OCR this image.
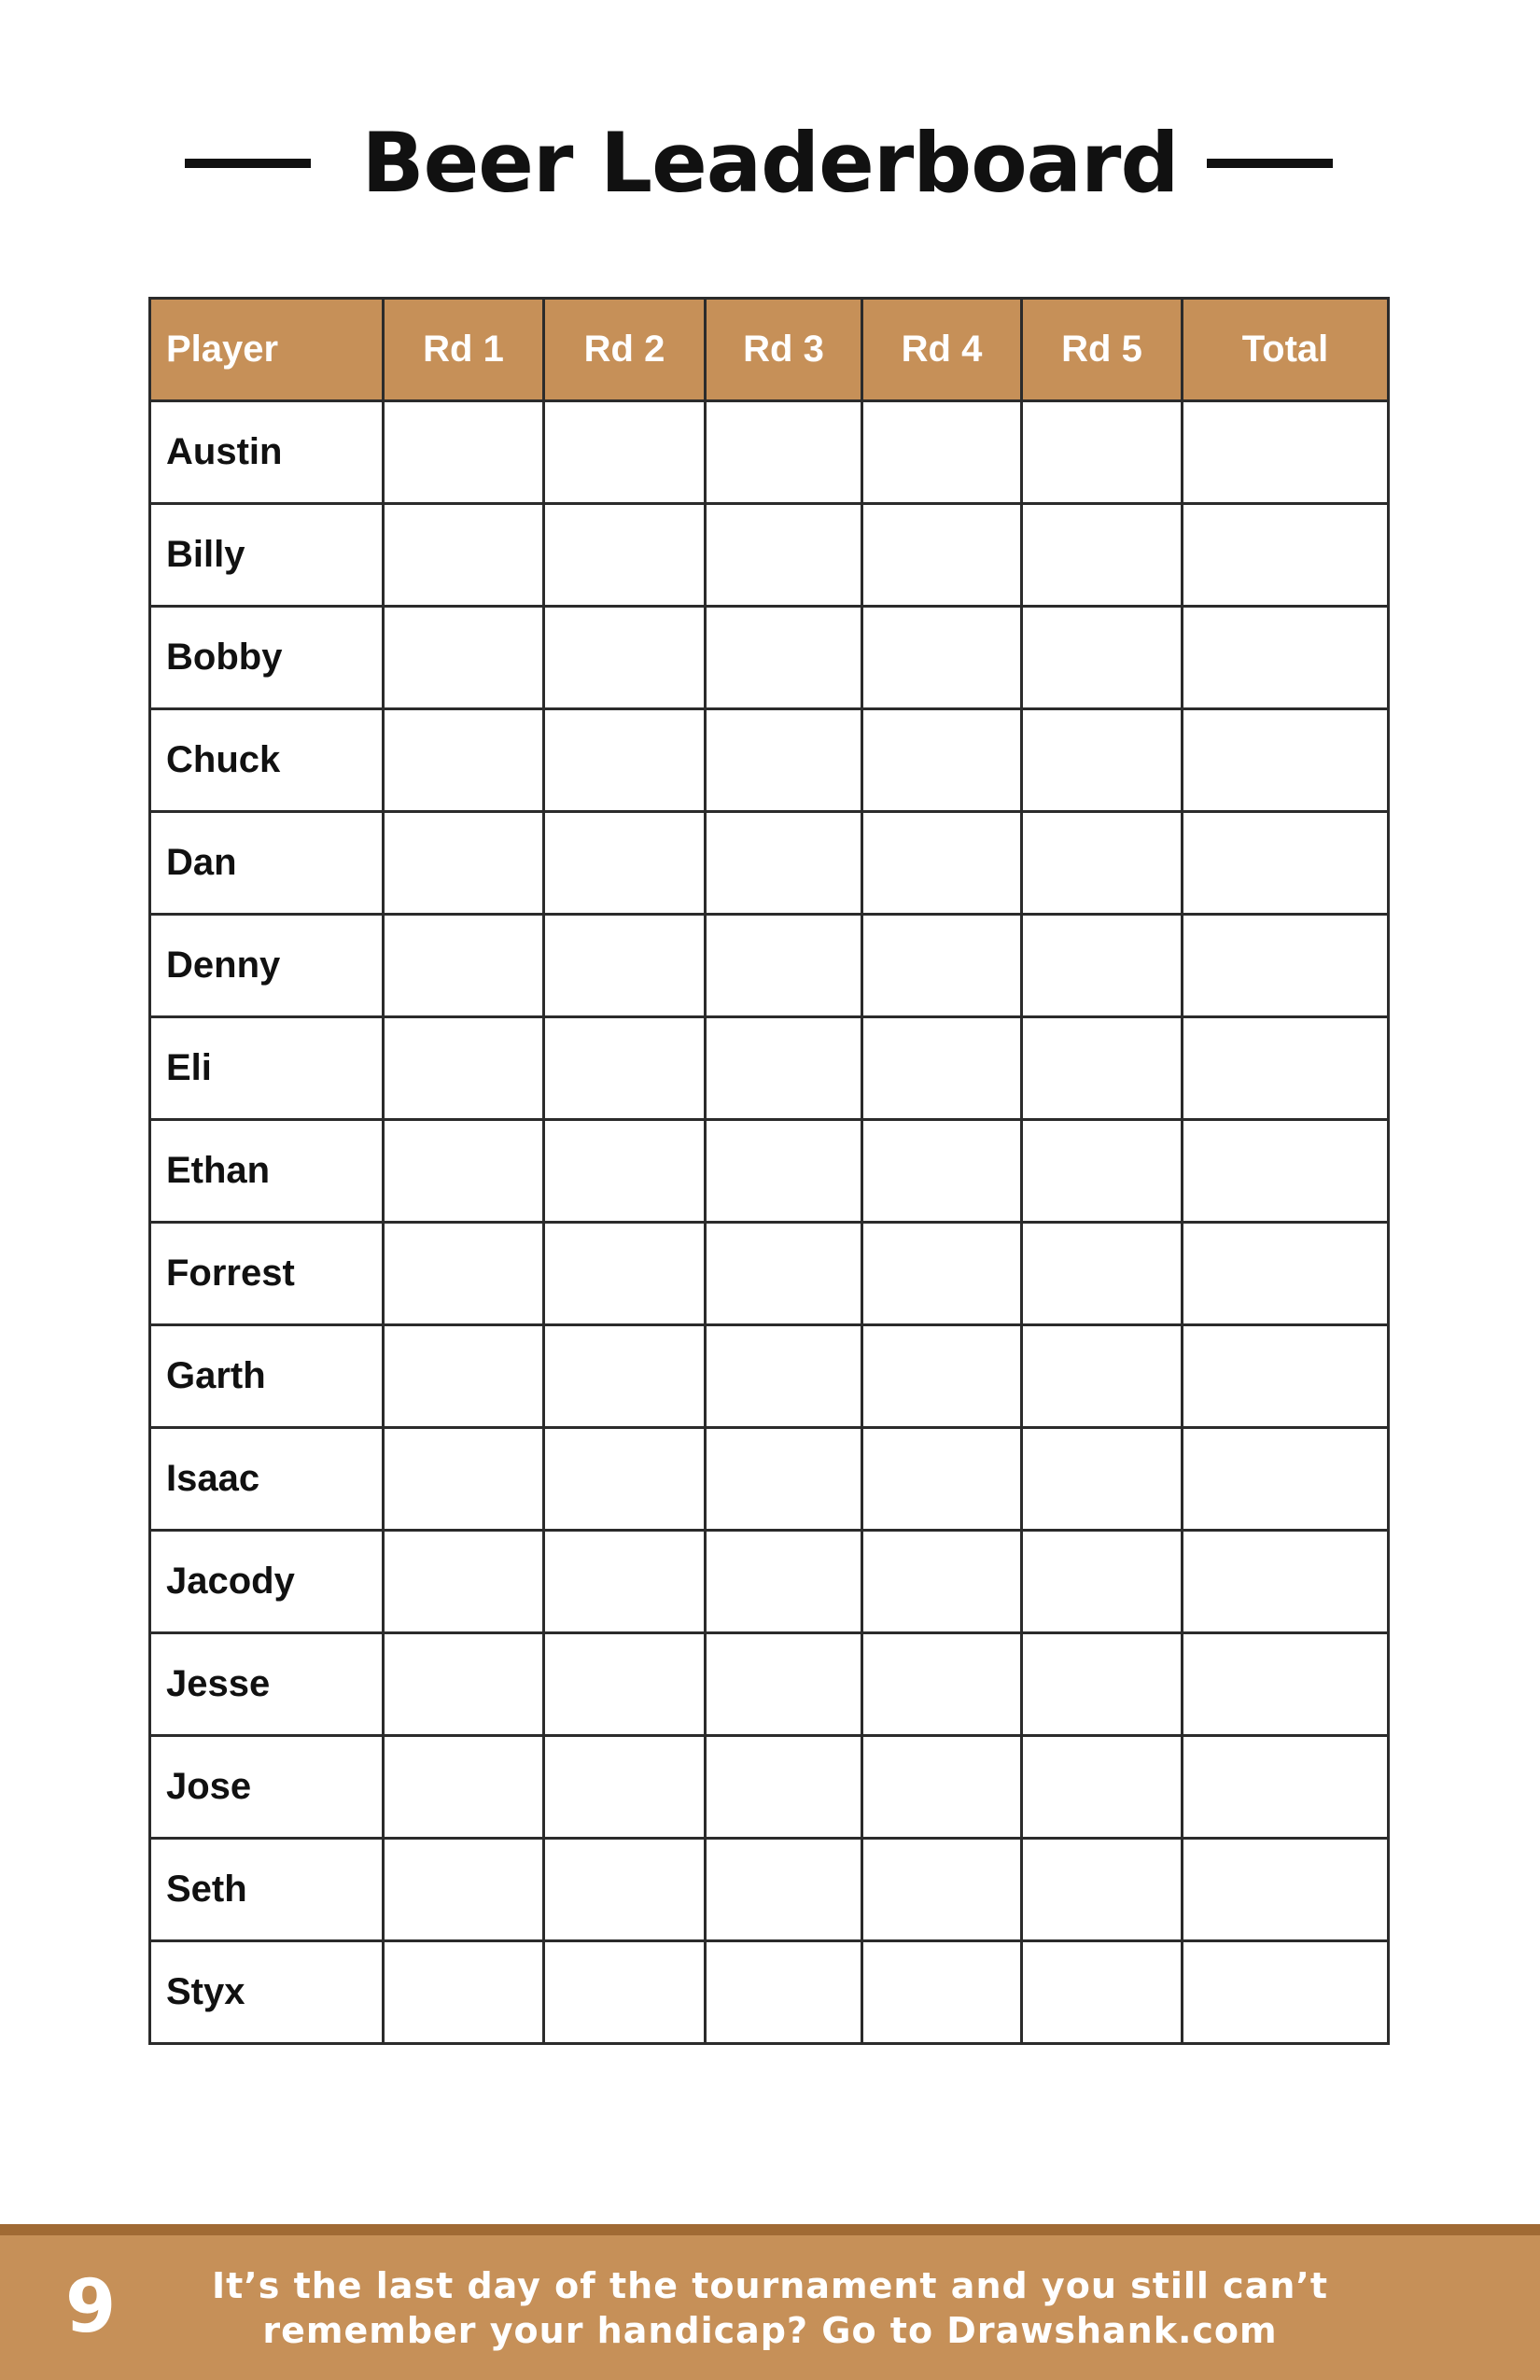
Beer Leaderboard
Player	Rd 1	Rd 2	Rd 3	Rd 4	Rd 5	Total
Austin						
Billy						
Bobby						
Chuck						
Dan						
Denny						
Eli						
Ethan						
Forrest						
Garth						
Isaac						
Jacody						
Jesse						
Jose						
Seth						
Styx						
9	It’s the last day of the tournament and you still can’t
remember your handicap? Go to Drawshank.com
